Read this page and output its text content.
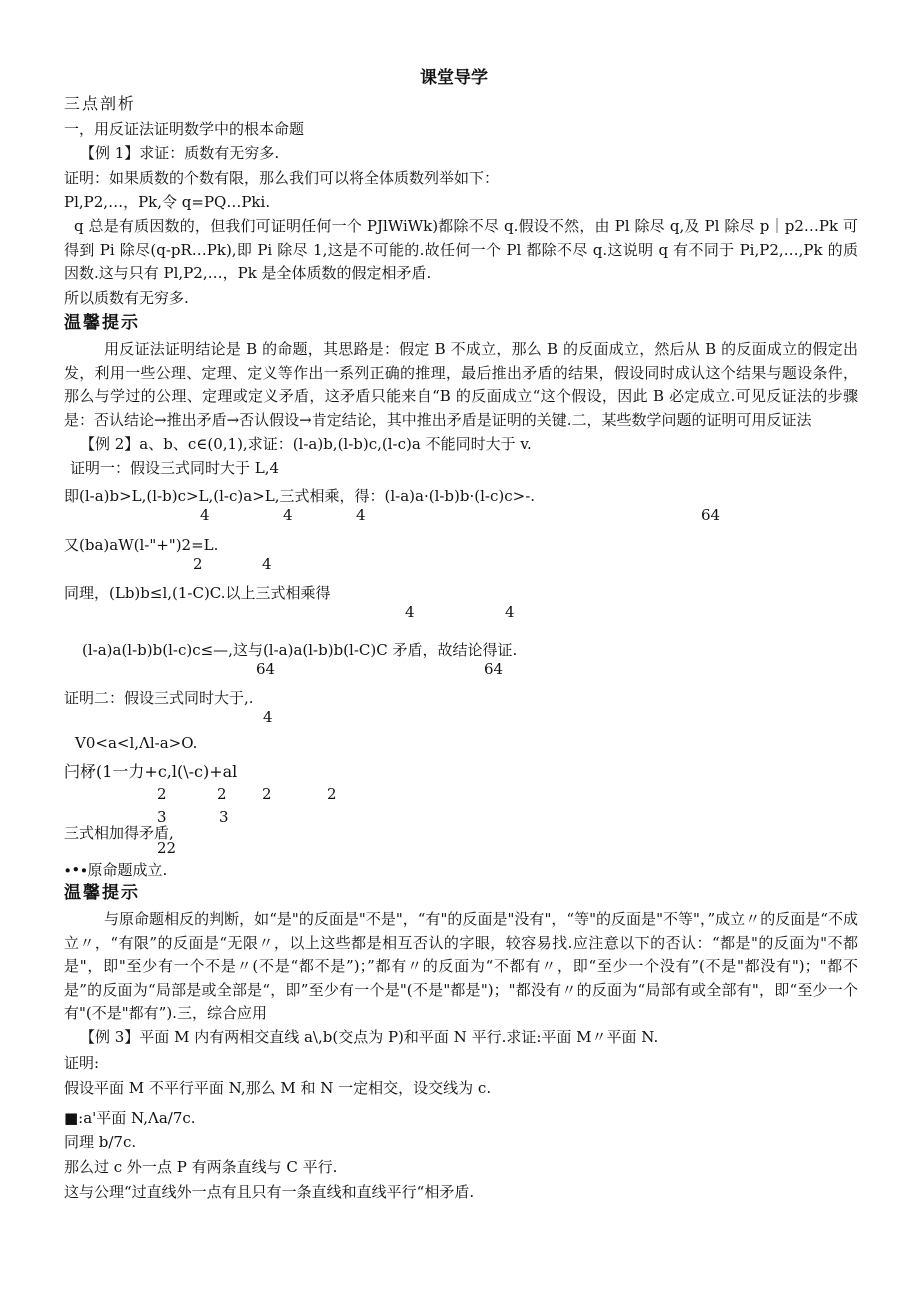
课堂导学
三点剖析
一，用反证法证明数学中的根本命题
【例 1】求证：质数有无穷多.
证明：如果质数的个数有限，那么我们可以将全体质数列举如下：
Pl,P2,…，Pk,令 q=PQ…Pki.
q 总是有质因数的，但我们可证明任何一个 PJlWiWk)都除不尽 q.假设不然，由 Pl 除尽 q,及 Pl 除尽 p｜p2…Pk 可得到 Pi 除尽(q-pR…Pk),即 Pi 除尽 1,这是不可能的.故任何一个 Pl 都除不尽 q.这说明 q 有不同于 Pi,P2,…,Pk 的质因数.这与只有 Pl,P2,…，Pk 是全体质数的假定相矛盾.
所以质数有无穷多.
温馨提示
用反证法证明结论是 B 的命题，其思路是：假定 B 不成立，那么 B 的反面成立，然后从 B 的反面成立的假定出发，利用一些公理、定理、定义等作出一系列正确的推理，最后推出矛盾的结果，假设同时成认这个结果与题设条件，那么与学过的公理、定理或定义矛盾，这矛盾只能来自“B 的反面成立“这个假设，因此 B 必定成立.可见反证法的步骤是：否认结论→推出矛盾→否认假设→肯定结论，其中推出矛盾是证明的关键.二，某些数学问题的证明可用反证法
【例 2】a、b、c∈(0,1),求证：(l-a)b,(l-b)c,(l-c)a 不能同时大于 v.
证明一：假设三式同时大于 L,4
即(l-a)b>L,(l-b)c>L,(l-c)a>L,三式相乘，得：(l-a)a·(l-b)b·(l-c)c>-.
4	4	4	64
又(ba)aW(l-"+")2=L.
2	4
同理，(Lb)b≤l,(1-C)C.以上三式相乘得
4	4
(l-a)a(l-b)b(l-c)c≤—,这与(l-a)a(l-b)b(l-C)C 矛盾，故结论得证.
64	64
证明二：假设三式同时大于,.
4
V0<a<l,Λl-a>O.
闩柕(1一力+c,l(\-c)+al
2	2 2	2
3	3
三式相加得矛盾,
22
∙•∙原命题成立.
温馨提示
与原命题相反的判断，如“是"的反面是"不是"，“有"的反面是"没有"，“等"的反面是"不等"，”成立〃的反面是“不成立〃，“有限”的反面是“无限〃，以上这些都是相互否认的字眼，较容易找.应注意以下的否认：“都是"的反面为"不都是"，即"至少有一个不是〃(不是“都不是”)；”都有〃的反面为“不都有〃，即“至少一个没有”(不是"都没有")；"都不是”的反面为“局部是或全部是“，即”至少有一个是"(不是"都是")；"都没有〃的反面为“局部有或全部有"，即“至少一个有"(不是"都有”).三，综合应用
【例 3】平面 M 内有两相交直线 a\,b(交点为 P)和平面 N 平行.求证:平面 M〃平面 N.
证明:
假设平面 M 不平行平面 N,那么 M 和 N 一定相交，设交线为 c.
■:a'平面 N,Λa∕7c.
同理 b∕7c.
那么过 c 外一点 P 有两条直线与 C 平行.
这与公理“过直线外一点有且只有一条直线和直线平行“相矛盾.
